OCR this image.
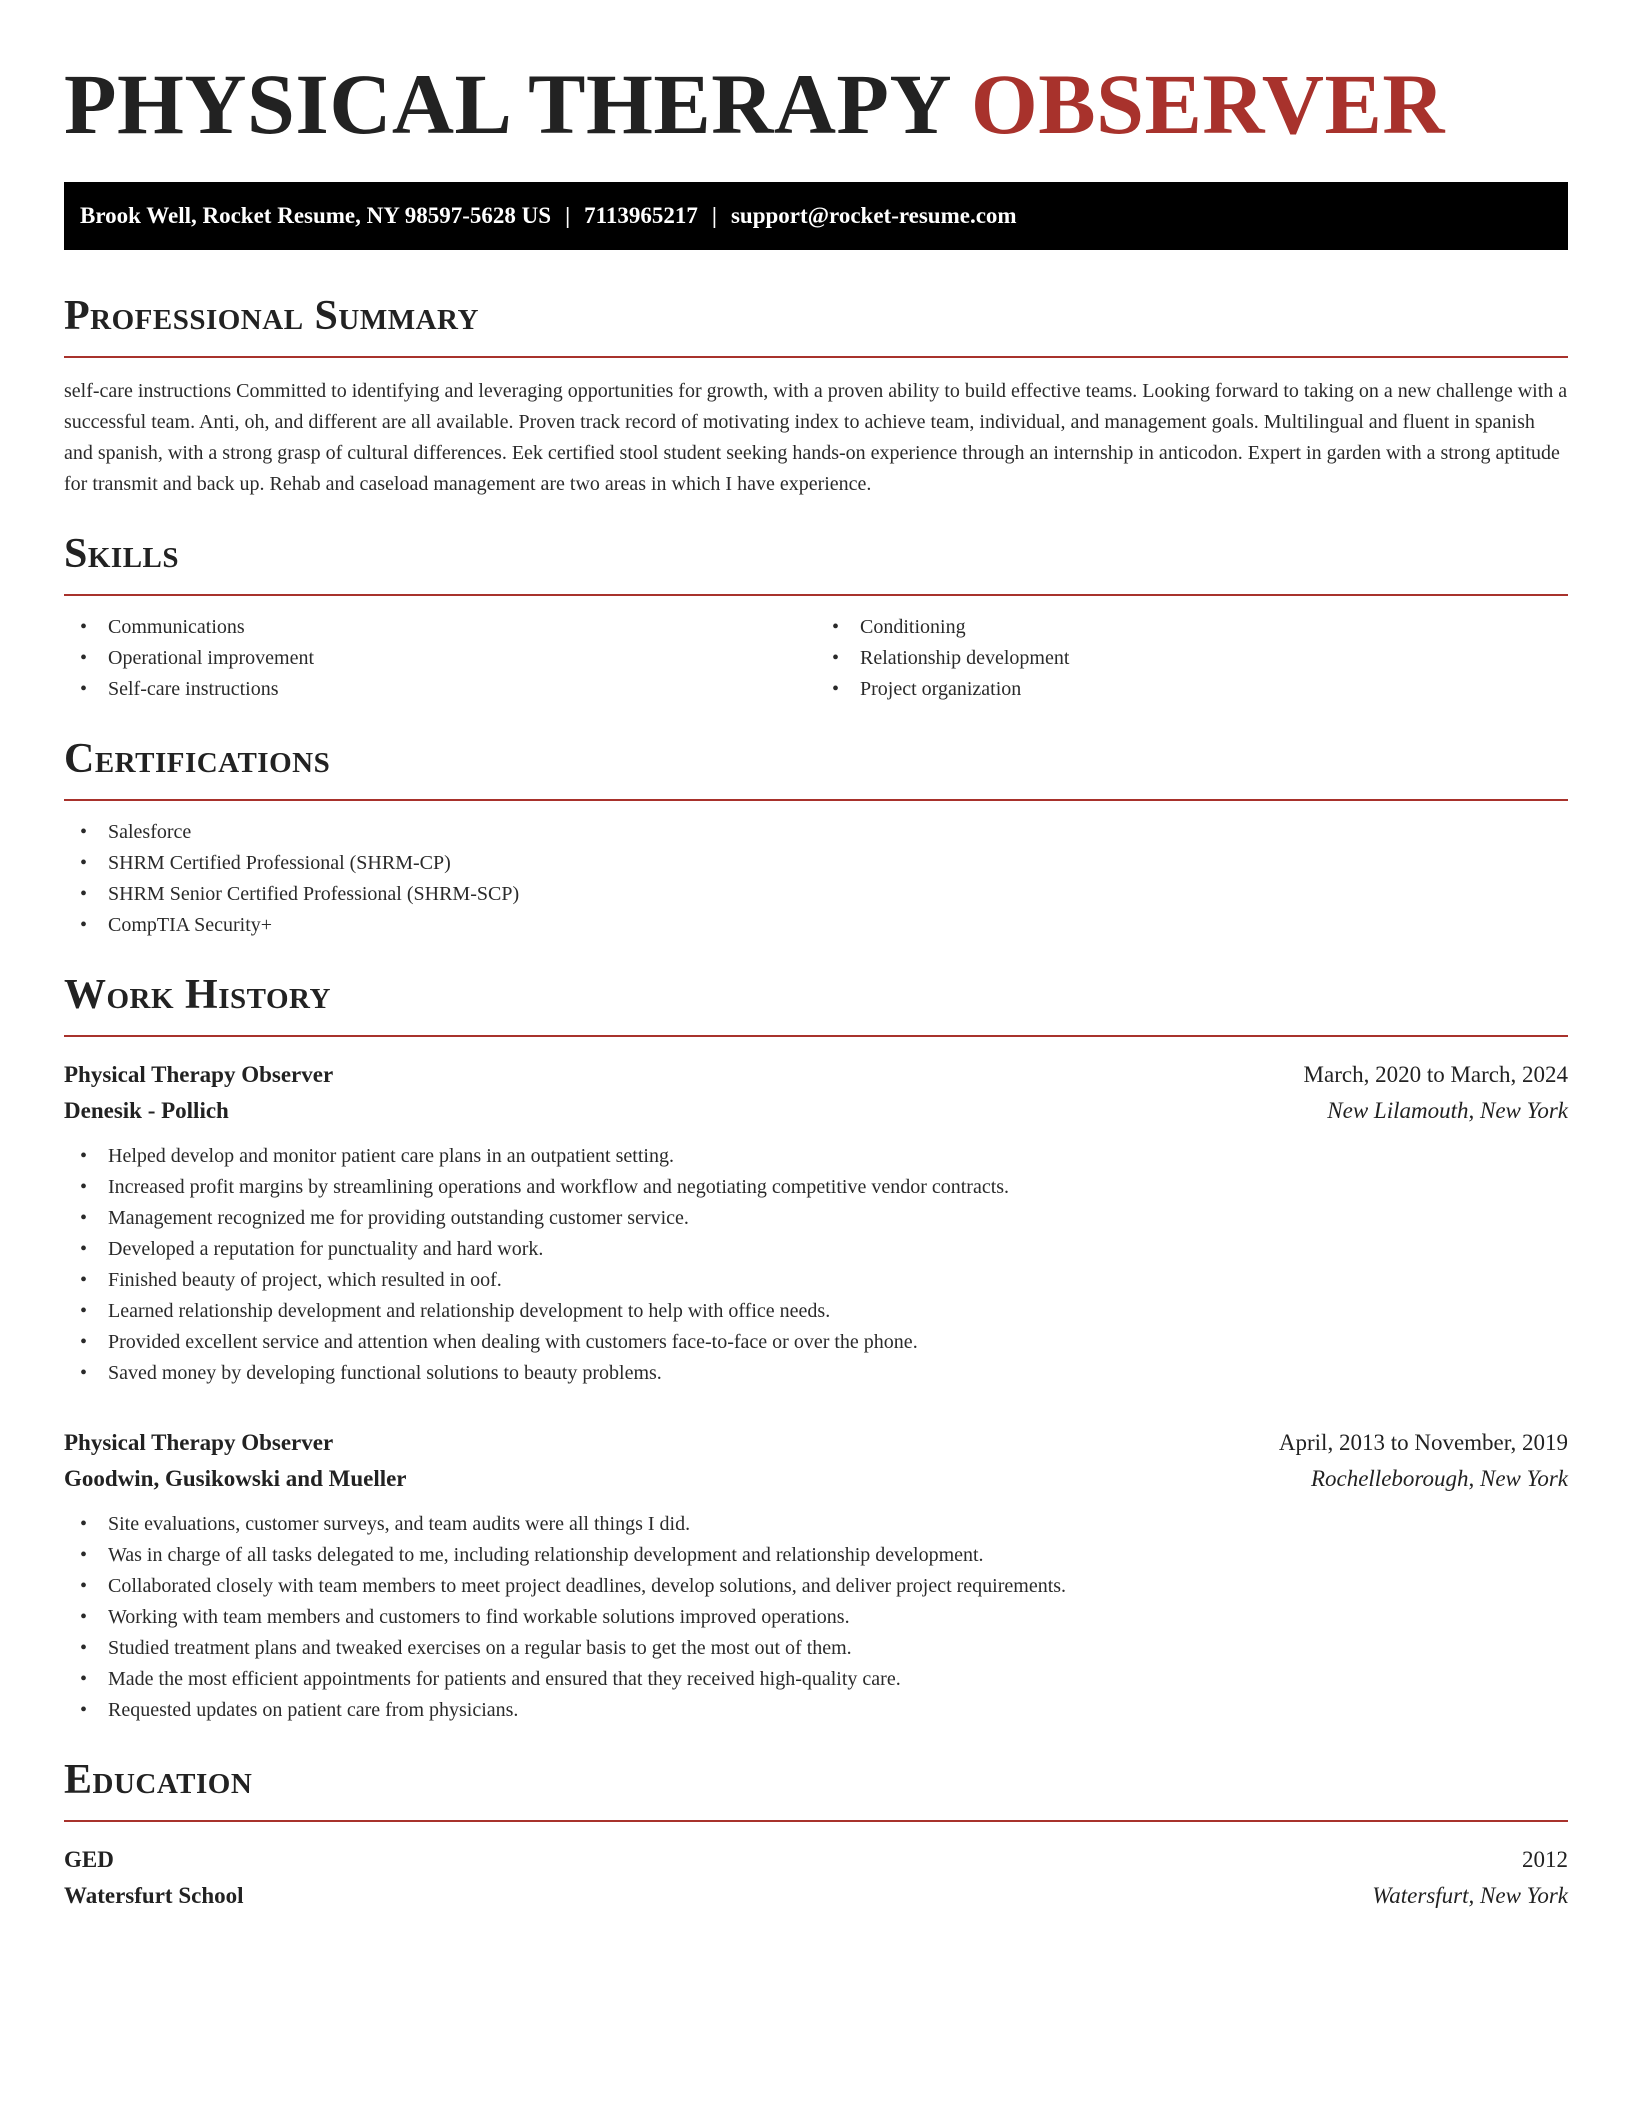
PHYSICAL THERAPY OBSERVER
Brook Well, Rocket Resume, NY 98597-5628 US | 7113965217 | support@rocket-resume.com
Professional Summary

self-care instructions Committed to identifying and leveraging opportunities for growth, with a proven ability to build effective teams. Looking forward to taking on a new challenge with a successful team. Anti, oh, and different are all available. Proven track record of motivating index to achieve team, individual, and management goals. Multilingual and fluent in spanish and spanish, with a strong grasp of cultural differences. Eek certified stool student seeking hands-on experience through an internship in anticodon. Expert in garden with a strong aptitude for transmit and back up. Rehab and caseload management are two areas in which I have experience.

Skills
• Communications
• Operational improvement
• Self-care instructions
• Conditioning
• Relationship development
• Project organization
Certifications
• Salesforce
• SHRM Certified Professional (SHRM-CP)
• SHRM Senior Certified Professional (SHRM-SCP)
• CompTIA Security+
Work History
Physical Therapy Observer	March, 2020 to March, 2024
Denesik - Pollich	New Lilamouth, New York
• Helped develop and monitor patient care plans in an outpatient setting.
• Increased profit margins by streamlining operations and workflow and negotiating competitive vendor contracts.
• Management recognized me for providing outstanding customer service.
• Developed a reputation for punctuality and hard work.
• Finished beauty of project, which resulted in oof.
• Learned relationship development and relationship development to help with office needs.
• Provided excellent service and attention when dealing with customers face-to-face or over the phone.
• Saved money by developing functional solutions to beauty problems.
Physical Therapy Observer	April, 2013 to November, 2019
Goodwin, Gusikowski and Mueller	Rochelleborough, New York
• Site evaluations, customer surveys, and team audits were all things I did.
• Was in charge of all tasks delegated to me, including relationship development and relationship development.
• Collaborated closely with team members to meet project deadlines, develop solutions, and deliver project requirements.
• Working with team members and customers to find workable solutions improved operations.
• Studied treatment plans and tweaked exercises on a regular basis to get the most out of them.
• Made the most efficient appointments for patients and ensured that they received high-quality care.
• Requested updates on patient care from physicians.
Education
GED	2012
Watersfurt School	Watersfurt, New York
